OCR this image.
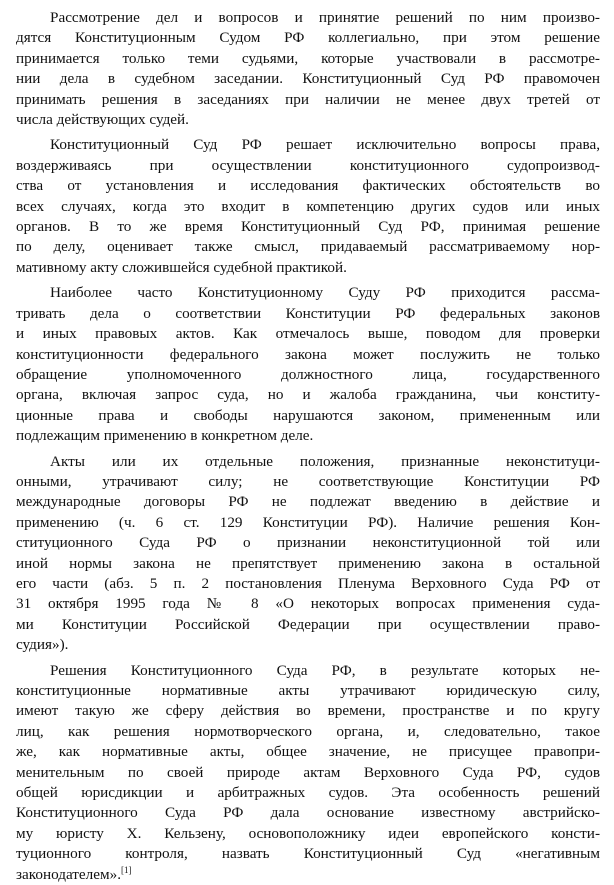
Рассмотрение дел и вопросов и принятие решений по ним произво-
дятся Конституционным Судом РФ коллегиально, при этом решение
принимается только теми судьями, которые участвовали в рассмотре-
нии дела в судебном заседании. Конституционный Суд РФ правомочен
принимать решения в заседаниях при наличии не менее двух третей от
числа действующих судей.
Конституционный Суд РФ решает исключительно вопросы права,
воздерживаясь при осуществлении конституционного судопроизвод-
ства от установления и исследования фактических обстоятельств во
всех случаях, когда это входит в компетенцию других судов или иных
органов. В то же время Конституционный Суд РФ, принимая решение
по делу, оценивает также смысл, придаваемый рассматриваемому нор-
мативному акту сложившейся судебной практикой.
Наиболее часто Конституционному Суду РФ приходится рассма-
тривать дела о соответствии Конституции РФ федеральных законов
и иных правовых актов. Как отмечалось выше, поводом для проверки
конституционности федерального закона может послужить не только
обращение уполномоченного должностного лица, государственного
органа, включая запрос суда, но и жалоба гражданина, чьи конститу-
ционные права и свободы нарушаются законом, примененным или
подлежащим применению в конкретном деле.
Акты или их отдельные положения, признанные неконституци-
онными, утрачивают силу; не соответствующие Конституции РФ
международные договоры РФ не подлежат введению в действие и
применению (ч. 6 ст. 129 Конституции РФ). Наличие решения Кон-
ституционного Суда РФ о признании неконституционной той или
иной нормы закона не препятствует применению закона в остальной
его части (абз. 5 п. 2 постановления Пленума Верховного Суда РФ от
31 октября 1995 года № 8 «О некоторых вопросах применения суда-
ми Конституции Российской Федерации при осуществлении право-
судия»).
Решения Конституционного Суда РФ, в результате которых не-
конституционные нормативные акты утрачивают юридическую силу,
имеют такую же сферу действия во времени, пространстве и по кругу
лиц, как решения нормотворческого органа, и, следовательно, такое
же, как нормативные акты, общее значение, не присущее правопри-
менительным по своей природе актам Верховного Суда РФ, судов
общей юрисдикции и арбитражных судов. Эта особенность решений
Конституционного Суда РФ дала основание известному австрийско-
му юристу Х. Кельзену, основоположнику идеи европейского консти-
туционного контроля, назвать Конституционный Суд «негативным
законодателем».[1]
